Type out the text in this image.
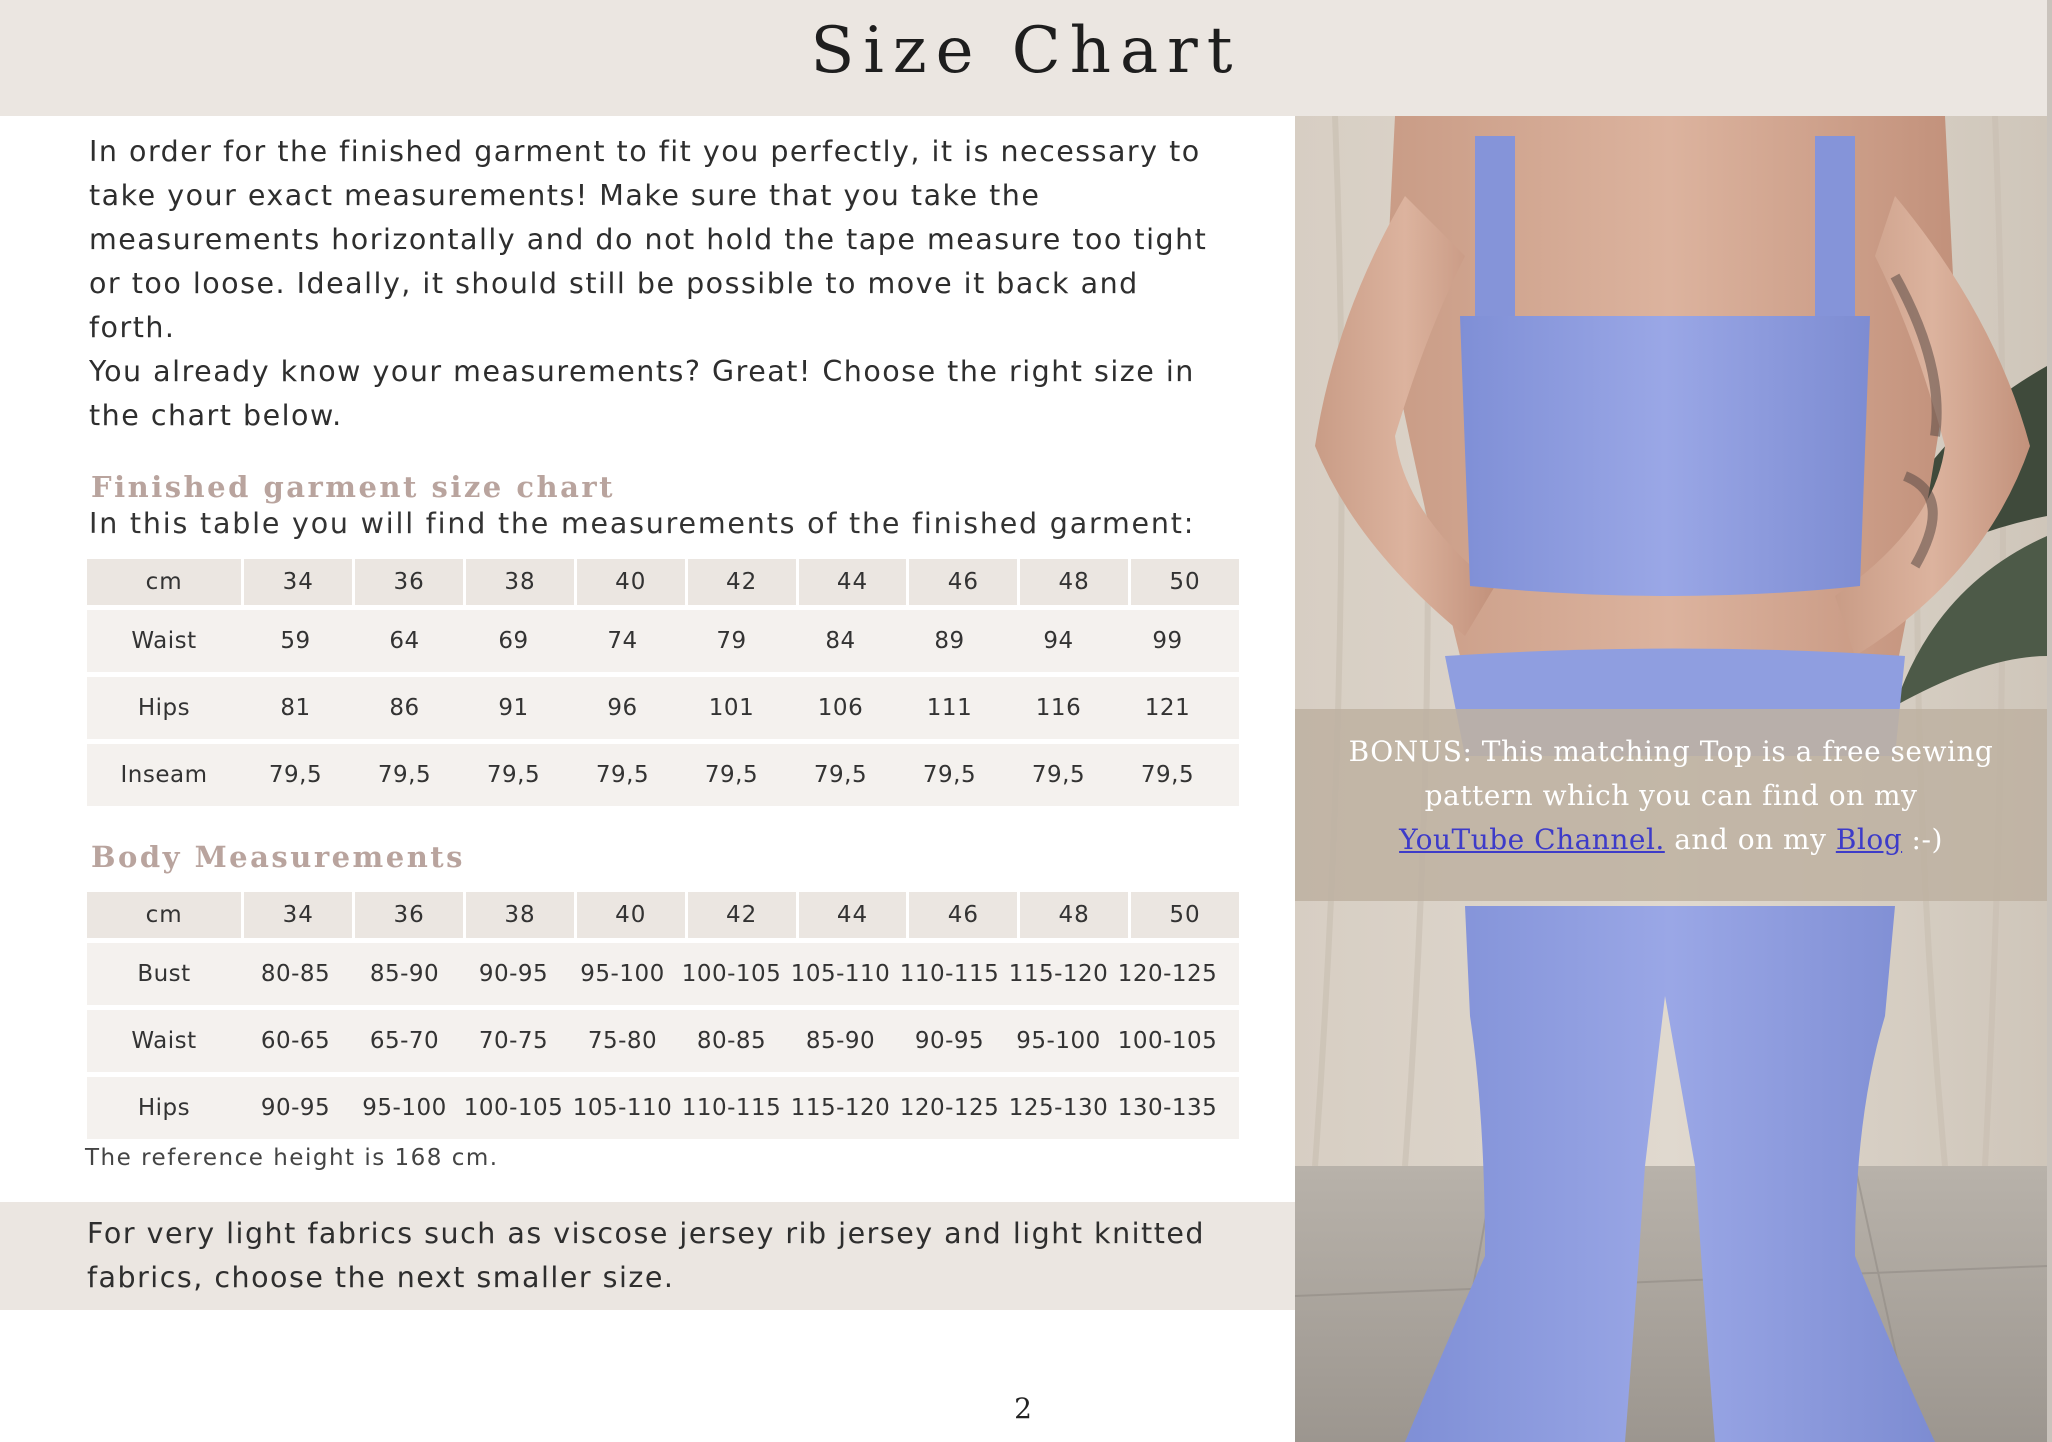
Size Chart

BONUS: This matching Top is a free sewing pattern which you can find on my
YouTube Channel. and on my Blog :-)

In order for the finished garment to fit you perfectly, it is necessary to take your exact measurements! Make sure that you take the measurements horizontally and do not hold the tape measure too tight or too loose. Ideally, it should still be possible to move it back and forth.

You already know your measurements? Great! Choose the right size in the chart below.

Finished garment size chart

In this table you will find the measurements of the finished garment:

cm	34	36	38	40	42	44	46	48	50
Waist	59	64	69	74	79	84	89	94	99
Hips	81	86	91	96	101	106	111	116	121
Inseam	79,5	79,5	79,5	79,5	79,5	79,5	79,5	79,5	79,5
Body Measurements
cm	34	36	38	40	42	44	46	48	50
Bust	80-85	85-90	90-95	95-100 100-105 105-110 110-115 115-120 120-125
Waist	60-65	65-70	70-75	75-80	80-85	85-90	90-95	95-100 100-105
Hips	90-95	95-100 100-105 105-110 110-115 115-120 120-125 125-130 130-135

The reference height is 168 cm.

For very light fabrics such as viscose jersey rib jersey and light knitted fabrics, choose the next smaller size.

2
